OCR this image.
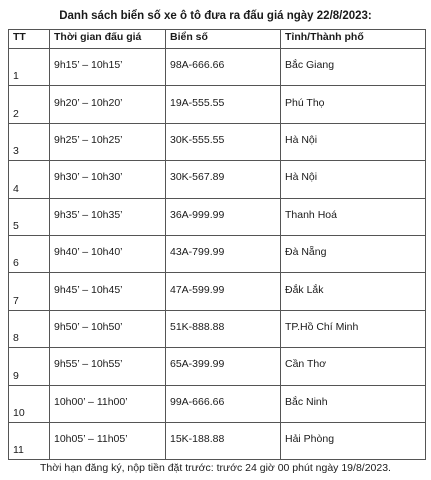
Danh sách biển số xe ô tô đưa ra đấu giá ngày 22/8/2023:
TT	Thời gian đấu giá	Biển số	Tỉnh/Thành phố
1	9h15’ – 10h15’	98A-666.66	Bắc Giang
2	9h20’ – 10h20’	19A-555.55	Phú Thọ
3	9h25’ – 10h25’	30K-555.55	Hà Nội
4	9h30’ – 10h30’	30K-567.89	Hà Nội
5	9h35’ – 10h35’	36A-999.99	Thanh Hoá
6	9h40’ – 10h40’	43A-799.99	Đà Nẵng
7	9h45’ – 10h45’	47A-599.99	Đắk Lắk
8	9h50’ – 10h50’	51K-888.88	TP.Hồ Chí Minh
9	9h55’ – 10h55’	65A-399.99	Cần Thơ
10	10h00’ – 11h00’	99A-666.66	Bắc Ninh
11	10h05’ – 11h05’	15K-188.88	Hải Phòng
Thời hạn đăng ký, nộp tiền đặt trước: trước 24 giờ 00 phút ngày 19/8/2023.
